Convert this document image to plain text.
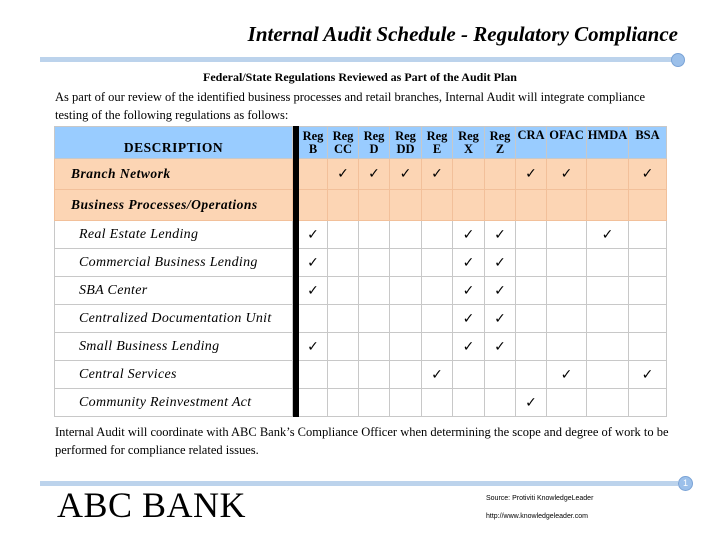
Internal Audit Schedule - Regulatory Compliance
Federal/State Regulations Reviewed as Part of the Audit Plan
As part of our review of the identified business processes and retail branches, Internal Audit will integrate compliance testing of the following regulations as follows:
DESCRIPTION		Reg B	Reg CC	Reg D	Reg DD	Reg E	Reg X	Reg Z	CRA	OFAC	HMDA	BSA
Branch Network			✓	✓	✓	✓			✓	✓		✓
Business Processes/Operations												
Real Estate Lending		✓					✓	✓			✓	
Commercial Business Lending		✓					✓	✓				
SBA Center		✓					✓	✓				
Centralized Documentation Unit							✓	✓				
Small Business Lending		✓					✓	✓				
Central Services						✓				✓		✓
Community Reinvestment Act									✓			
Internal Audit will coordinate with ABC Bank’s Compliance Officer when determining the scope and degree of work to be performed for compliance related issues.
1
ABC BANK	Source: Protiviti KnowledgeLeader
http://www.knowledgeleader.com
